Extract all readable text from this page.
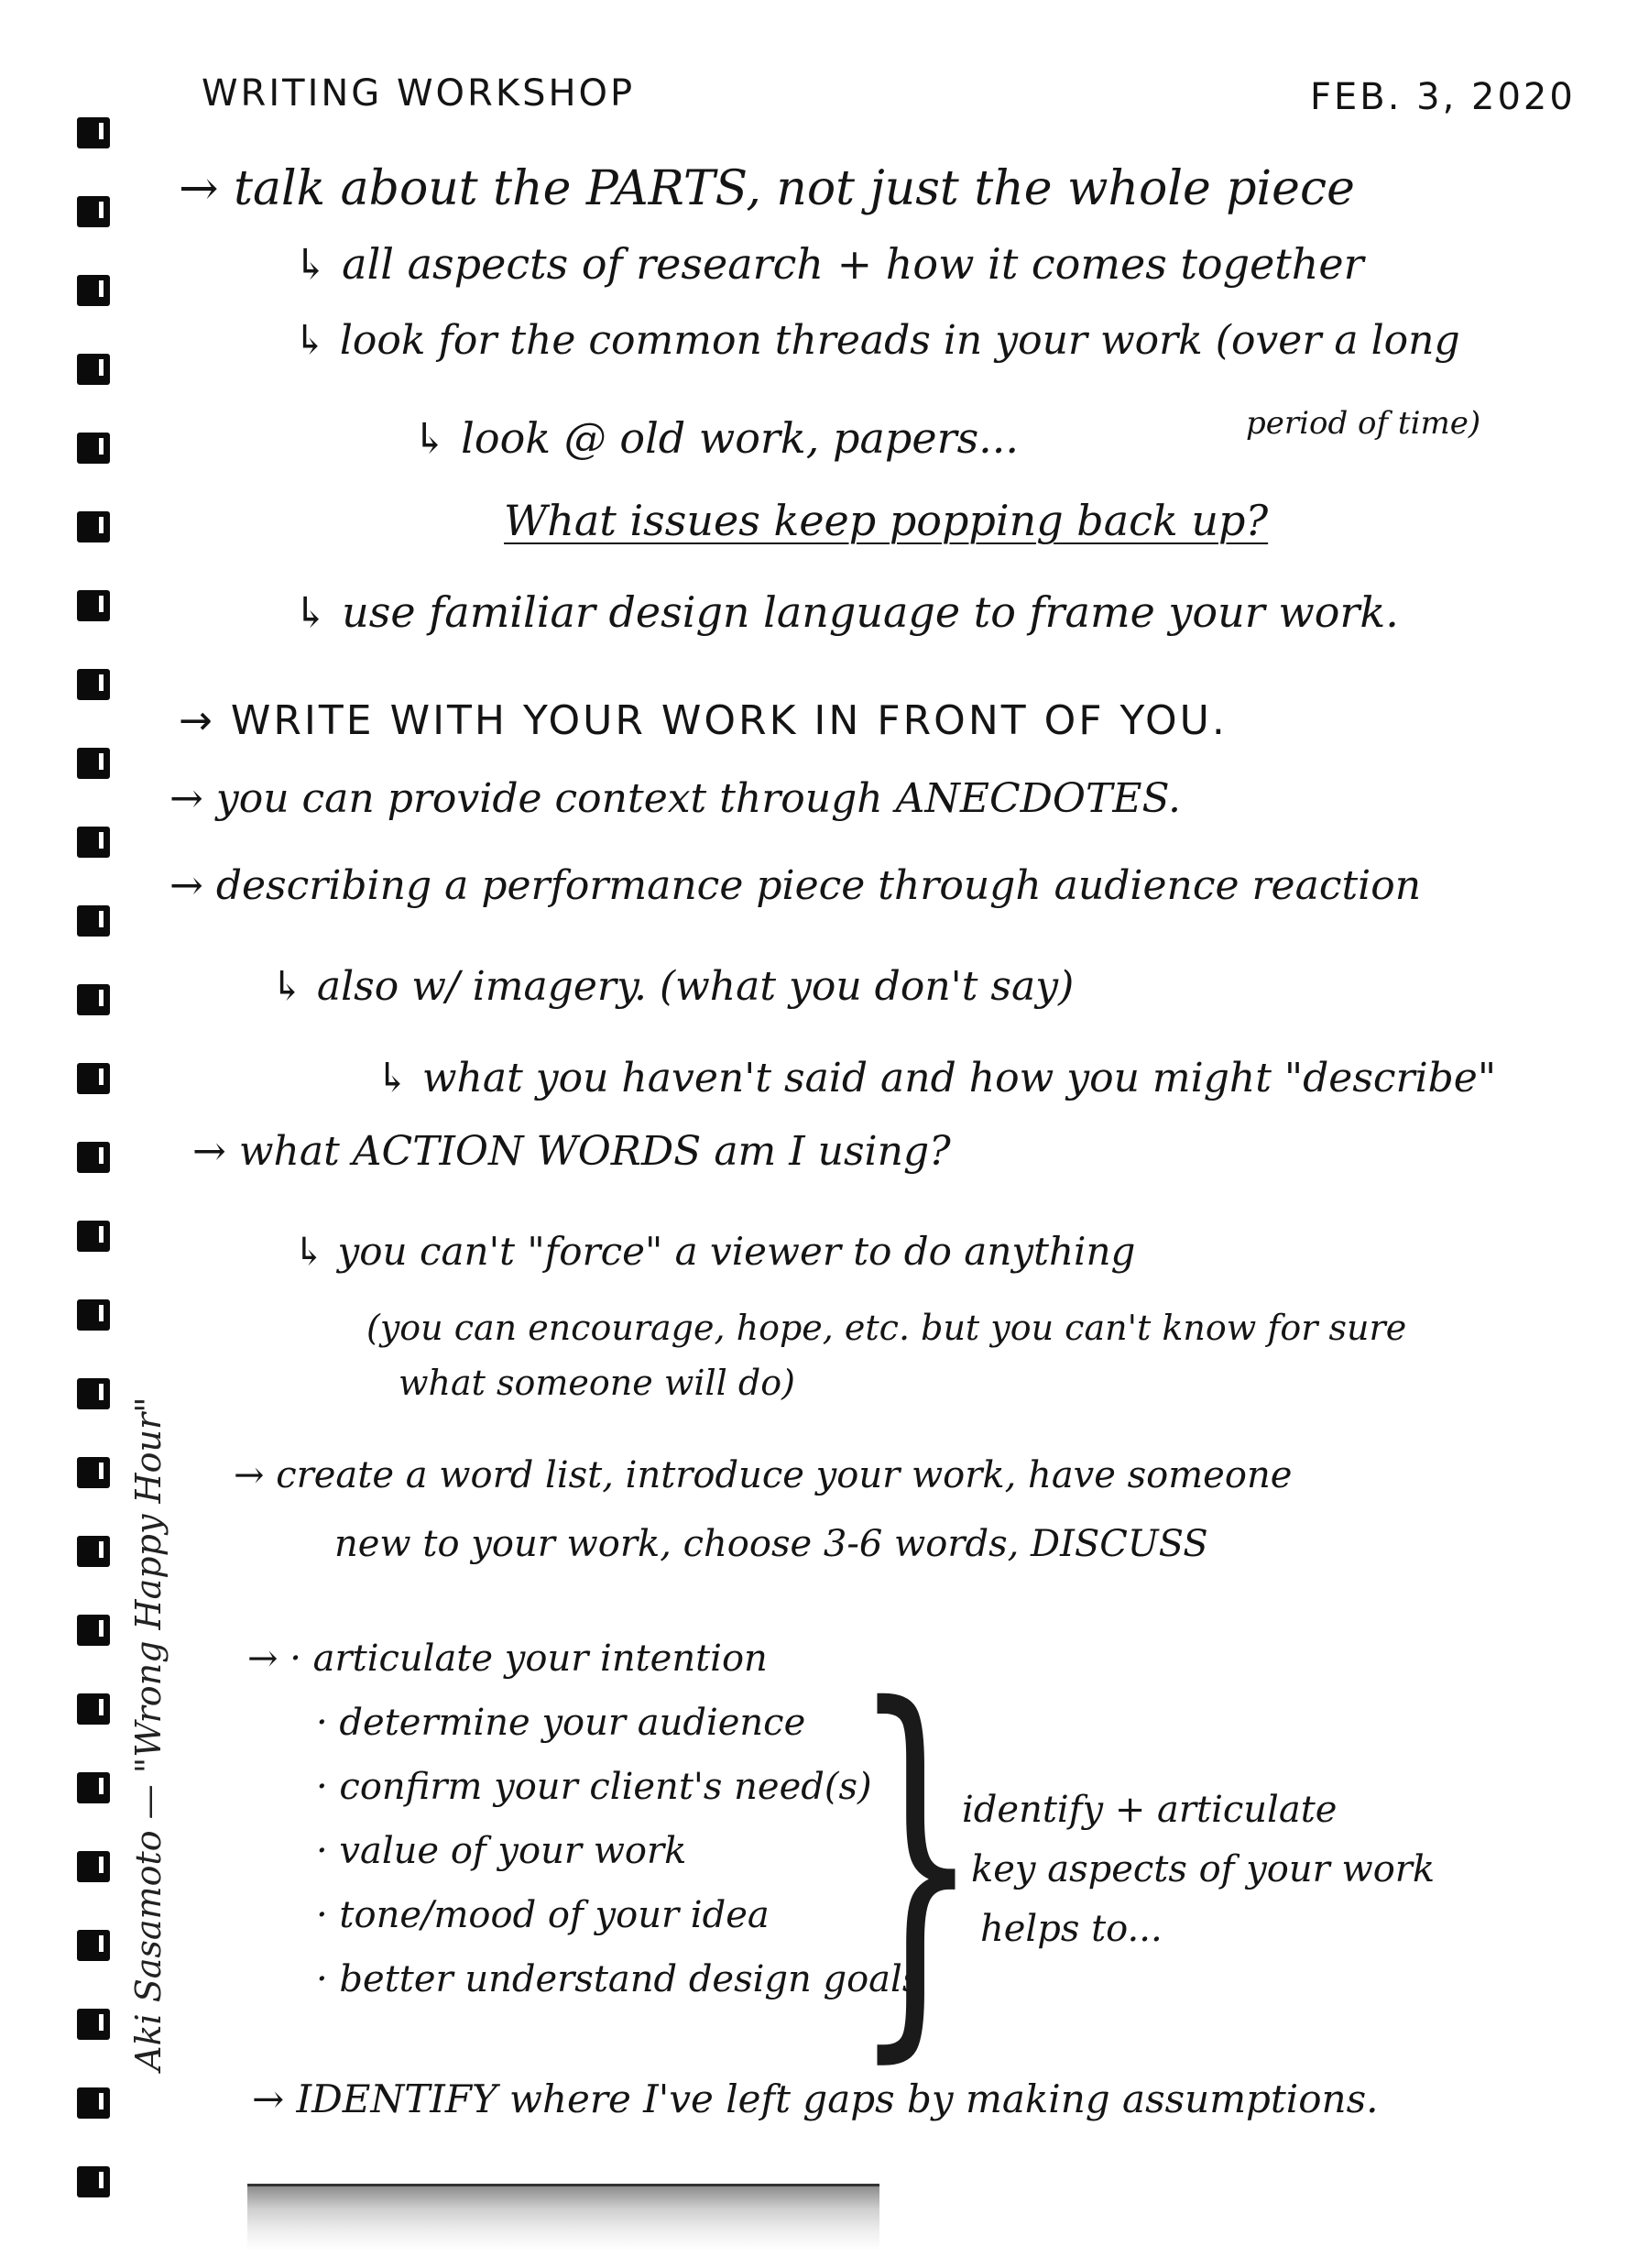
WRITING WORKSHOP	FEB. 3, 2020
→ talk about the PARTS, not just the whole piece
↳ all aspects of research + how it comes together
↳ look for the common threads in your work (over a long
period of time)
↳ look @ old work, papers...
What issues keep popping back up?
↳ use familiar design language to frame your work.
→ WRITE WITH YOUR WORK IN FRONT OF YOU.
→ you can provide context through ANECDOTES.
→ describing a performance piece through audience reaction
↳ also w/ imagery. (what you don't say)
↳ what you haven't said and how you might "describe"
→ what ACTION WORDS am I using?
↳ you can't "force" a viewer to do anything
(you can encourage, hope, etc. but you can't know for sure
what someone will do)
→ create a word list, introduce your work, have someone
new to your work, choose 3-6 words, DISCUSS
→ · articulate your intention
· determine your audience
· confirm your client's need(s)
· value of your work
· tone/mood of your idea
· better understand design goals
}
identify + articulate
key aspects of your work
helps to...
→ IDENTIFY where I've left gaps by making assumptions.
Aki Sasamoto — "Wrong Happy Hour"
